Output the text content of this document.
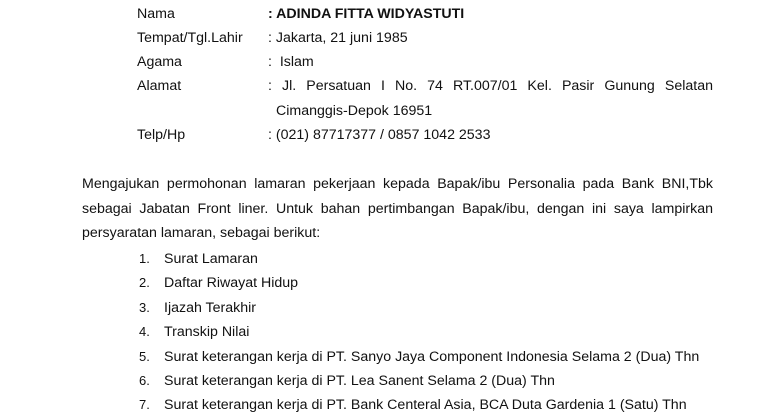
Nama	: ADINDA FITTA WIDYASTUTI
Tempat/Tgl.Lahir : Jakarta, 21 juni 1985
Agama	:  Islam
Alamat	: Jl. Persatuan I No. 74 RT.007/01 Kel. Pasir Gunung Selatan
Cimanggis-Depok 16951
Telp/Hp	: (021) 87717377 / 0857 1042 2533
Mengajukan permohonan lamaran pekerjaan kepada Bapak/ibu Personalia pada Bank BNI,Tbk
sebagai Jabatan Front liner. Untuk bahan pertimbangan Bapak/ibu, dengan ini saya lampirkan
persyaratan lamaran, sebagai berikut:
1. Surat Lamaran
2. Daftar Riwayat Hidup
3. Ijazah Terakhir
4. Transkip Nilai
5. Surat keterangan kerja di PT. Sanyo Jaya Component Indonesia Selama 2 (Dua) Thn
6. Surat keterangan kerja di PT. Lea Sanent Selama 2 (Dua) Thn
7. Surat keterangan kerja di PT. Bank Centeral Asia, BCA Duta Gardenia 1 (Satu) Thn
